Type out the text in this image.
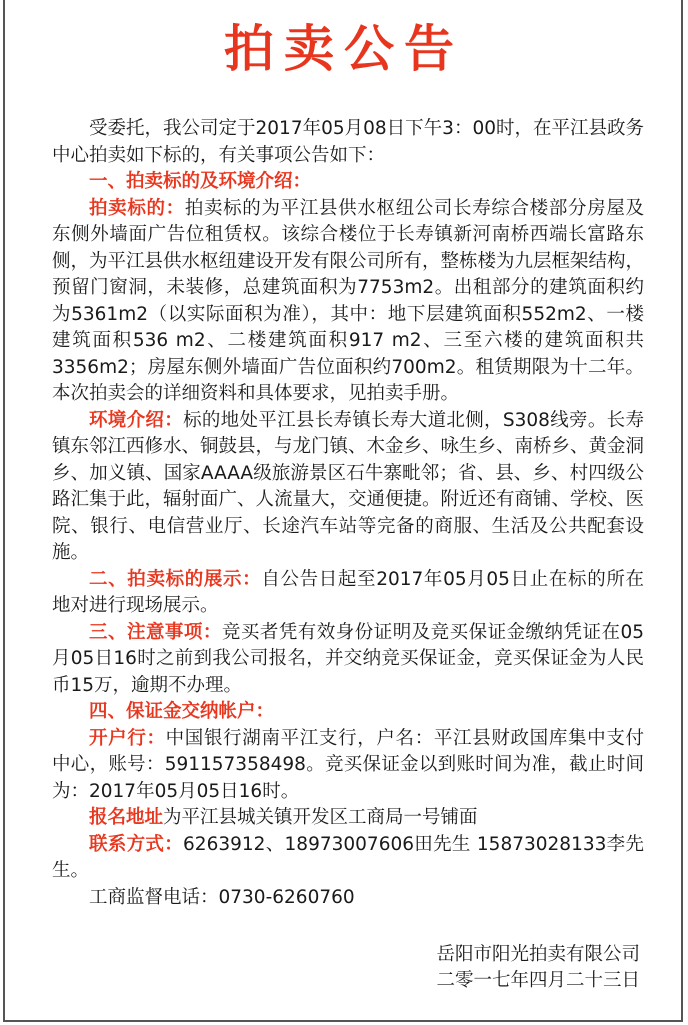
拍卖公告

受委托，我公司定于2017年05月08日下午3：00时，在平江县政务中心拍卖如下标的，有关事项公告如下：

一、拍卖标的及环境介绍：

拍卖标的：拍卖标的为平江县供水枢纽公司长寿综合楼部分房屋及东侧外墙面广告位租赁权。该综合楼位于长寿镇新河南桥西端长富路东侧，为平江县供水枢纽建设开发有限公司所有，整栋楼为九层框架结构，预留门窗洞，未装修，总建筑面积为7753m2。出租部分的建筑面积约为5361m2（以实际面积为准），其中：地下层建筑面积552m2、一楼建筑面积536 m2、二楼建筑面积917 m2、三至六楼的建筑面积共3356m2；房屋东侧外墙面广告位面积约700m2。租赁期限为十二年。本次拍卖会的详细资料和具体要求，见拍卖手册。

环境介绍：标的地处平江县长寿镇长寿大道北侧，S308线旁。长寿镇东邻江西修水、铜鼓县，与龙门镇、木金乡、咏生乡、南桥乡、黄金洞乡、加义镇、国家AAAA级旅游景区石牛寨毗邻；省、县、乡、村四级公路汇集于此，辐射面广、人流量大，交通便捷。附近还有商铺、学校、医院、银行、电信营业厅、长途汽车站等完备的商服、生活及公共配套设施。

二、拍卖标的展示：自公告日起至2017年05月05日止在标的所在地对进行现场展示。

三、注意事项：竞买者凭有效身份证明及竞买保证金缴纳凭证在05月05日16时之前到我公司报名，并交纳竞买保证金，竞买保证金为人民币15万，逾期不办理。

四、保证金交纳帐户：

开户行：中国银行湖南平江支行，户名：平江县财政国库集中支付中心，账号：591157358498。竞买保证金以到账时间为准，截止时间为：2017年05月05日16时。

报名地址为平江县城关镇开发区工商局一号铺面

联系方式：6263912、18973007606田先生 15873028133李先生。

工商监督电话：0730-6260760

岳阳市阳光拍卖有限公司
二零一七年四月二十三日
